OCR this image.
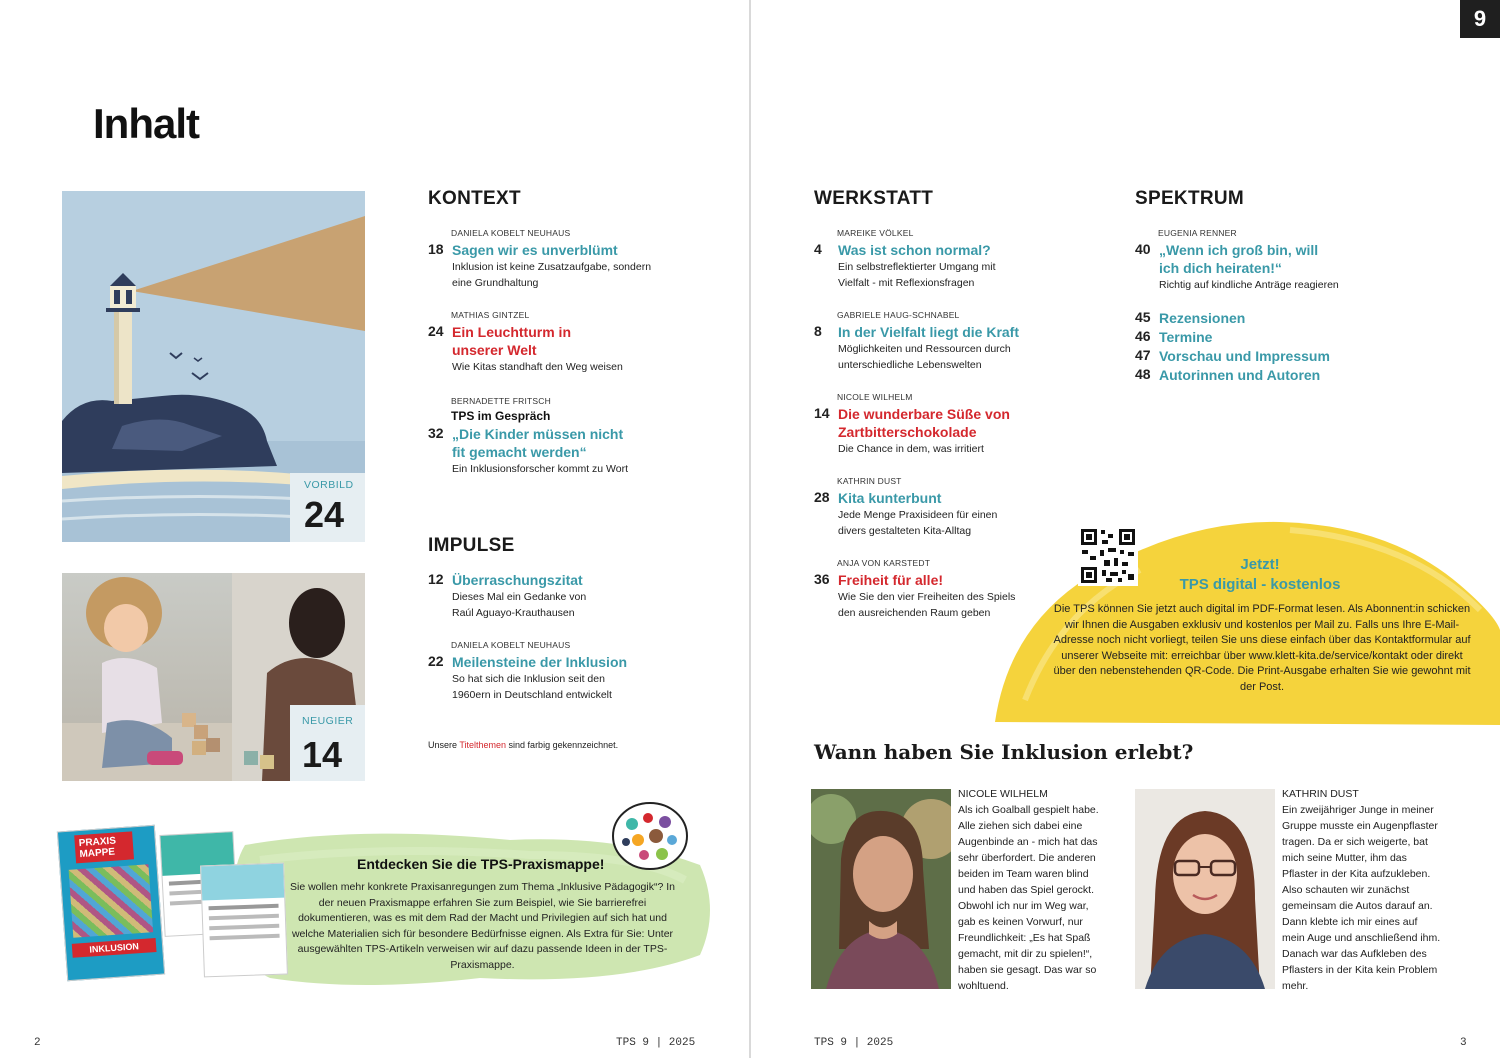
9
Inhalt
VORBILD
24
NEUGIER
14
KONTEXT
DANIELA KOBELT NEUHAUS
18 Sagen wir es unverblümt
Inklusion ist keine Zusatzaufgabe, sondern eine Grundhaltung
MATHIAS GINTZEL
24 Ein Leuchtturm in unserer Welt
Wie Kitas standhaft den Weg weisen
BERNADETTE FRITSCH
TPS im Gespräch
32 „Die Kinder müssen nicht fit gemacht werden“
Ein Inklusionsforscher kommt zu Wort
IMPULSE
12 Überraschungszitat
Dieses Mal ein Gedanke von Raúl Aguayo-Krauthausen
DANIELA KOBELT NEUHAUS
22 Meilensteine der Inklusion
So hat sich die Inklusion seit den 1960ern in Deutschland entwickelt
Unsere Titelthemen sind farbig gekennzeichnet.
PRAXIS MAPPE
INKLUSION
Entdecken Sie die TPS-Praxismappe!
Sie wollen mehr konkrete Praxisanregungen zum Thema „Inklusive Pädagogik“? In der neuen Praxismappe erfahren Sie zum Beispiel, wie Sie barrierefrei dokumentieren, was es mit dem Rad der Macht und Privilegien auf sich hat und welche Materialien sich für besondere Bedürfnisse eignen. Als Extra für Sie: Unter ausgewählten TPS-Artikeln verweisen wir auf dazu passende Ideen in der TPS-Praxismappe.
2	TPS 9 | 2025
WERKSTATT
MAREIKE VÖLKEL
4	Was ist schon normal?
Ein selbstreflektierter Umgang mit Vielfalt - mit Reflexionsfragen
GABRIELE HAUG-SCHNABEL
8	In der Vielfalt liegt die Kraft
Möglichkeiten und Ressourcen durch unterschiedliche Lebenswelten
NICOLE WILHELM
14 Die wunderbare Süße von Zartbitterschokolade
Die Chance in dem, was irritiert
KATHRIN DUST
28 Kita kunterbunt
Jede Menge Praxisideen für einen divers gestalteten Kita-Alltag
ANJA VON KARSTEDT
36 Freiheit für alle!
Wie Sie den vier Freiheiten des Spiels den ausreichenden Raum geben
SPEKTRUM
EUGENIA RENNER
40 „Wenn ich groß bin, will ich dich heiraten!“
Richtig auf kindliche Anträge reagieren
45 Rezensionen
46 Termine
47 Vorschau und Impressum
48 Autorinnen und Autoren
Jetzt!
TPS digital - kostenlos
Die TPS können Sie jetzt auch digital im PDF-Format lesen. Als Abonnent:in schicken wir Ihnen die Ausgaben exklusiv und kostenlos per Mail zu. Falls uns Ihre E-Mail-Adresse noch nicht vorliegt, teilen Sie uns diese einfach über das Kontaktformular auf unserer Webseite mit: erreichbar über www.klett-kita.de/service/kontakt oder direkt über den nebenstehenden QR-Code. Die Print-Ausgabe erhalten Sie wie gewohnt mit der Post.
Wann haben Sie Inklusion erlebt?
NICOLE WILHELM
Als ich Goalball gespielt habe. Alle ziehen sich dabei eine Augenbinde an - mich hat das sehr überfordert. Die anderen beiden im Team waren blind und haben das Spiel gerockt. Obwohl ich nur im Weg war, gab es keinen Vorwurf, nur Freundlichkeit: „Es hat Spaß gemacht, mit dir zu spielen!“, haben sie gesagt. Das war so wohltuend.
KATHRIN DUST
Ein zweijähriger Junge in meiner Gruppe musste ein Augenpflaster tragen. Da er sich weigerte, bat mich seine Mutter, ihm das Pflaster in der Kita aufzukleben. Also schauten wir zunächst gemeinsam die Autos darauf an. Dann klebte ich mir eines auf mein Auge und anschließend ihm. Danach war das Aufkleben des Pflasters in der Kita kein Problem mehr.
TPS 9 | 2025	3
